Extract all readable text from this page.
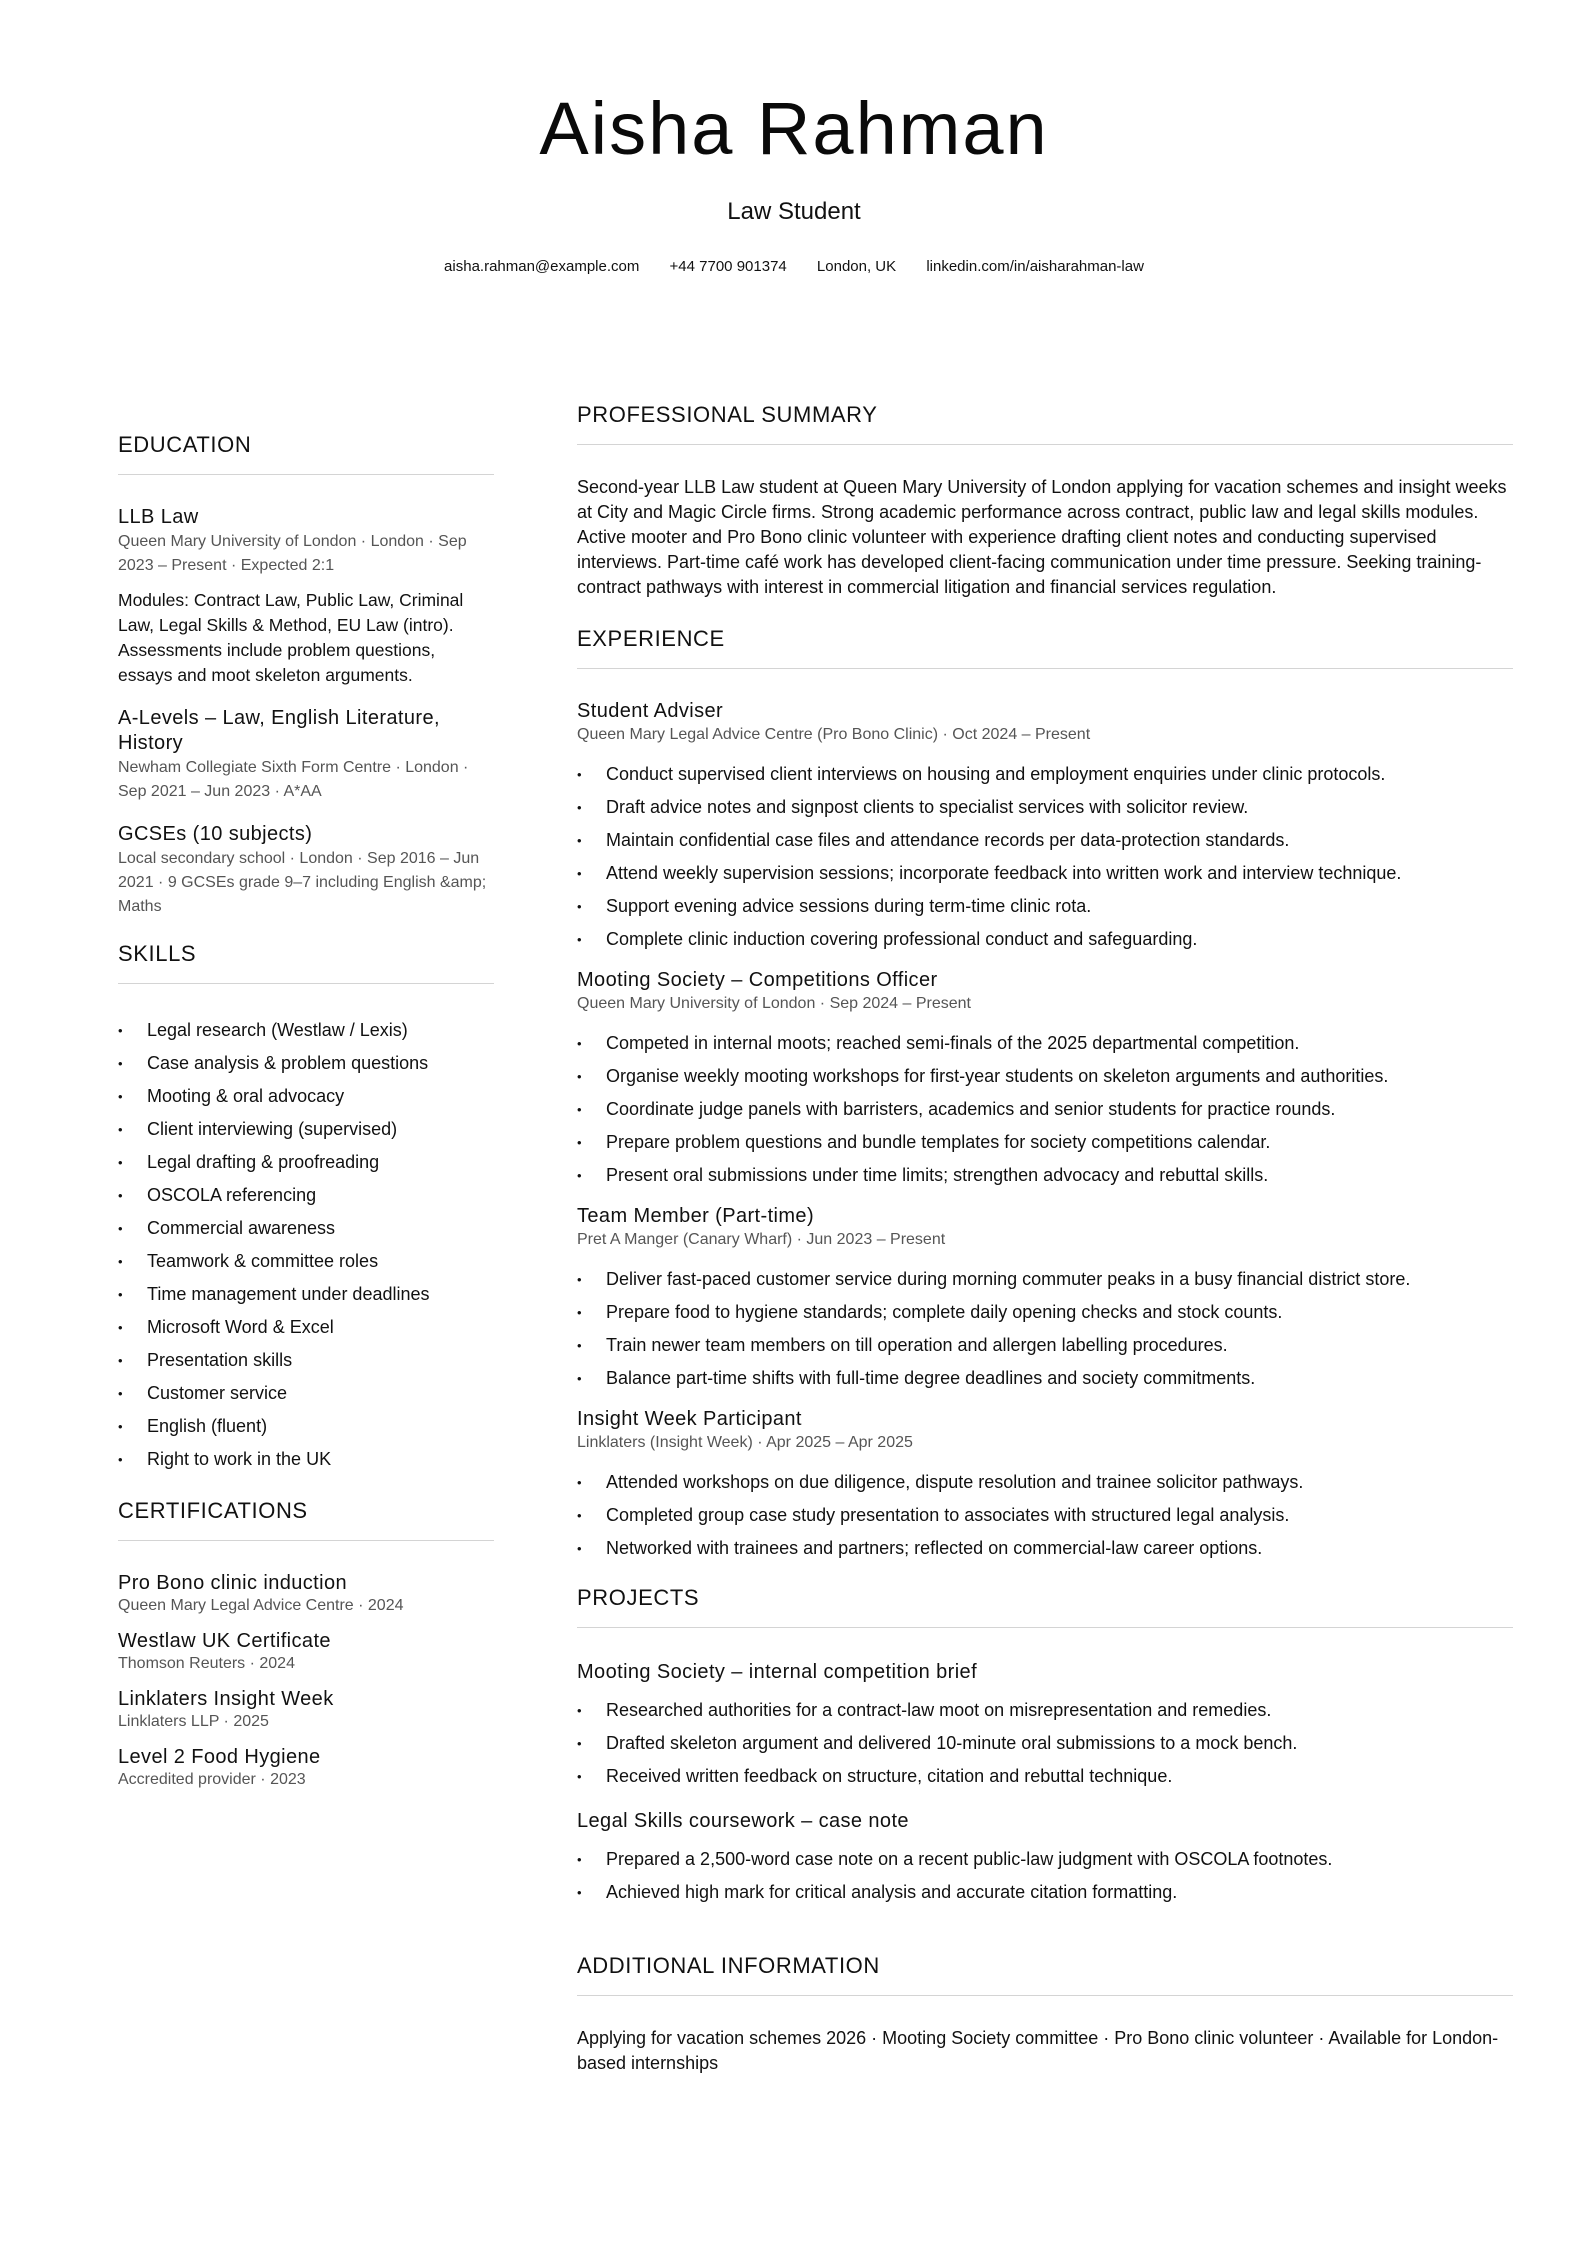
Aisha Rahman
Law Student
aisha.rahman@example.com +44 7700 901374 London, UK linkedin.com/in/aisharahman-law
EDUCATION
LLB Law
Queen Mary University of London · London · Sep 2023 – Present · Expected 2:1
Modules: Contract Law, Public Law, Criminal Law, Legal Skills & Method, EU Law (intro). Assessments include problem questions, essays and moot skeleton arguments.
A-Levels – Law, English Literature, History
Newham Collegiate Sixth Form Centre · London · Sep 2021 – Jun 2023 · A*AA
GCSEs (10 subjects)
Local secondary school · London · Sep 2016 – Jun 2021 · 9 GCSEs grade 9–7 including English &amp; Maths
SKILLS
• Legal research (Westlaw / Lexis)
• Case analysis & problem questions
• Mooting & oral advocacy
• Client interviewing (supervised)
• Legal drafting & proofreading
• OSCOLA referencing
• Commercial awareness
• Teamwork & committee roles
• Time management under deadlines
• Microsoft Word & Excel
• Presentation skills
• Customer service
• English (fluent)
• Right to work in the UK
CERTIFICATIONS
Pro Bono clinic induction
Queen Mary Legal Advice Centre · 2024
Westlaw UK Certificate
Thomson Reuters · 2024
Linklaters Insight Week
Linklaters LLP · 2025
Level 2 Food Hygiene
Accredited provider · 2023
PROFESSIONAL SUMMARY

Second-year LLB Law student at Queen Mary University of London applying for vacation schemes and insight weeks at City and Magic Circle firms. Strong academic performance across contract, public law and legal skills modules. Active mooter and Pro Bono clinic volunteer with experience drafting client notes and conducting supervised interviews. Part-time café work has developed client-facing communication under time pressure. Seeking training-contract pathways with interest in commercial litigation and financial services regulation.

EXPERIENCE
Student Adviser
Queen Mary Legal Advice Centre (Pro Bono Clinic) · Oct 2024 – Present
• Conduct supervised client interviews on housing and employment enquiries under clinic protocols.
• Draft advice notes and signpost clients to specialist services with solicitor review.
• Maintain confidential case files and attendance records per data-protection standards.
• Attend weekly supervision sessions; incorporate feedback into written work and interview technique.
• Support evening advice sessions during term-time clinic rota.
• Complete clinic induction covering professional conduct and safeguarding.
Mooting Society – Competitions Officer
Queen Mary University of London · Sep 2024 – Present
• Competed in internal moots; reached semi-finals of the 2025 departmental competition.
• Organise weekly mooting workshops for first-year students on skeleton arguments and authorities.
• Coordinate judge panels with barristers, academics and senior students for practice rounds.
• Prepare problem questions and bundle templates for society competitions calendar.
• Present oral submissions under time limits; strengthen advocacy and rebuttal skills.
Team Member (Part-time)
Pret A Manger (Canary Wharf) · Jun 2023 – Present
• Deliver fast-paced customer service during morning commuter peaks in a busy financial district store.
• Prepare food to hygiene standards; complete daily opening checks and stock counts.
• Train newer team members on till operation and allergen labelling procedures.
• Balance part-time shifts with full-time degree deadlines and society commitments.
Insight Week Participant
Linklaters (Insight Week) · Apr 2025 – Apr 2025
• Attended workshops on due diligence, dispute resolution and trainee solicitor pathways.
• Completed group case study presentation to associates with structured legal analysis.
• Networked with trainees and partners; reflected on commercial-law career options.
PROJECTS
Mooting Society – internal competition brief
• Researched authorities for a contract-law moot on misrepresentation and remedies.
• Drafted skeleton argument and delivered 10-minute oral submissions to a mock bench.
• Received written feedback on structure, citation and rebuttal technique.
Legal Skills coursework – case note
• Prepared a 2,500-word case note on a recent public-law judgment with OSCOLA footnotes.
• Achieved high mark for critical analysis and accurate citation formatting.
ADDITIONAL INFORMATION
Applying for vacation schemes 2026 · Mooting Society committee · Pro Bono clinic volunteer · Available for London-based internships
